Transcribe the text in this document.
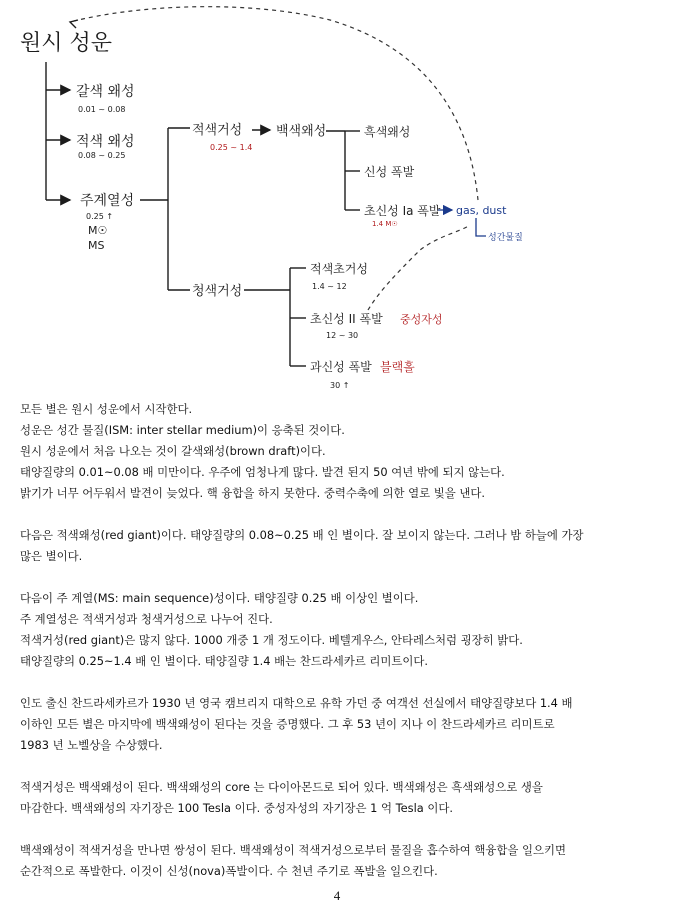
원시 성운
갈색 왜성
0.01 ~ 0.08
적색 왜성
0.08 ~ 0.25
주계열성
0.25 ↑
M☉
MS
적색거성
0.25 ~ 1.4
백색왜성	흑색왜성
신성 폭발
초신성 Ia 폭발
1.4 M☉
gas, dust
성간물질
청색거성
적색초거성
1.4 ~ 12
초신성 II 폭발 중성자성
12 ~ 30
과신성 폭발 블랙홀
30 ↑

모든 별은 원시 성운에서 시작한다.

성운은 성간 물질(ISM: inter stellar medium)이 응축된 것이다.

원시 성운에서 처음 나오는 것이 갈색왜성(brown draft)이다.

태양질량의 0.01~0.08 배 미만이다. 우주에 엄청나게 많다. 발견 된지 50 여년 밖에 되지 않는다.

밝기가 너무 어두워서 발견이 늦었다. 핵 융합을 하지 못한다. 중력수축에 의한 열로 빛을 낸다.

다음은 적색왜성(red giant)이다. 태양질량의 0.08~0.25 배 인 별이다. 잘 보이지 않는다. 그러나 밤 하늘에 가장

많은 별이다.

다음이 주 계열(MS: main sequence)성이다. 태양질량 0.25 배 이상인 별이다.

주 계열성은 적색거성과 청색거성으로 나누어 진다.

적색거성(red giant)은 많지 않다. 1000 개중 1 개 정도이다. 베텔게우스, 안타레스처럼 굉장히 밝다.

태양질량의 0.25~1.4 배 인 별이다. 태양질량 1.4 배는 찬드라세카르 리미트이다.

인도 출신 찬드라세카르가 1930 년 영국 캠브리지 대학으로 유학 가던 중 여객선 선실에서 태양질량보다 1.4 배

이하인 모든 별은 마지막에 백색왜성이 된다는 것을 증명했다. 그 후 53 년이 지나 이 찬드라세카르 리미트로

1983 년 노벨상을 수상했다.

적색거성은 백색왜성이 된다. 백색왜성의 core 는 다이아몬드로 되어 있다. 백색왜성은 흑색왜성으로 생을

마감한다. 백색왜성의 자기장은 100 Tesla 이다. 중성자성의 자기장은 1 억 Tesla 이다.

백색왜성이 적색거성을 만나면 쌍성이 된다. 백색왜성이 적색거성으로부터 물질을 흡수하여 핵융합을 일으키면

순간적으로 폭발한다. 이것이 신성(nova)폭발이다. 수 천년 주기로 폭발을 일으킨다.

4
